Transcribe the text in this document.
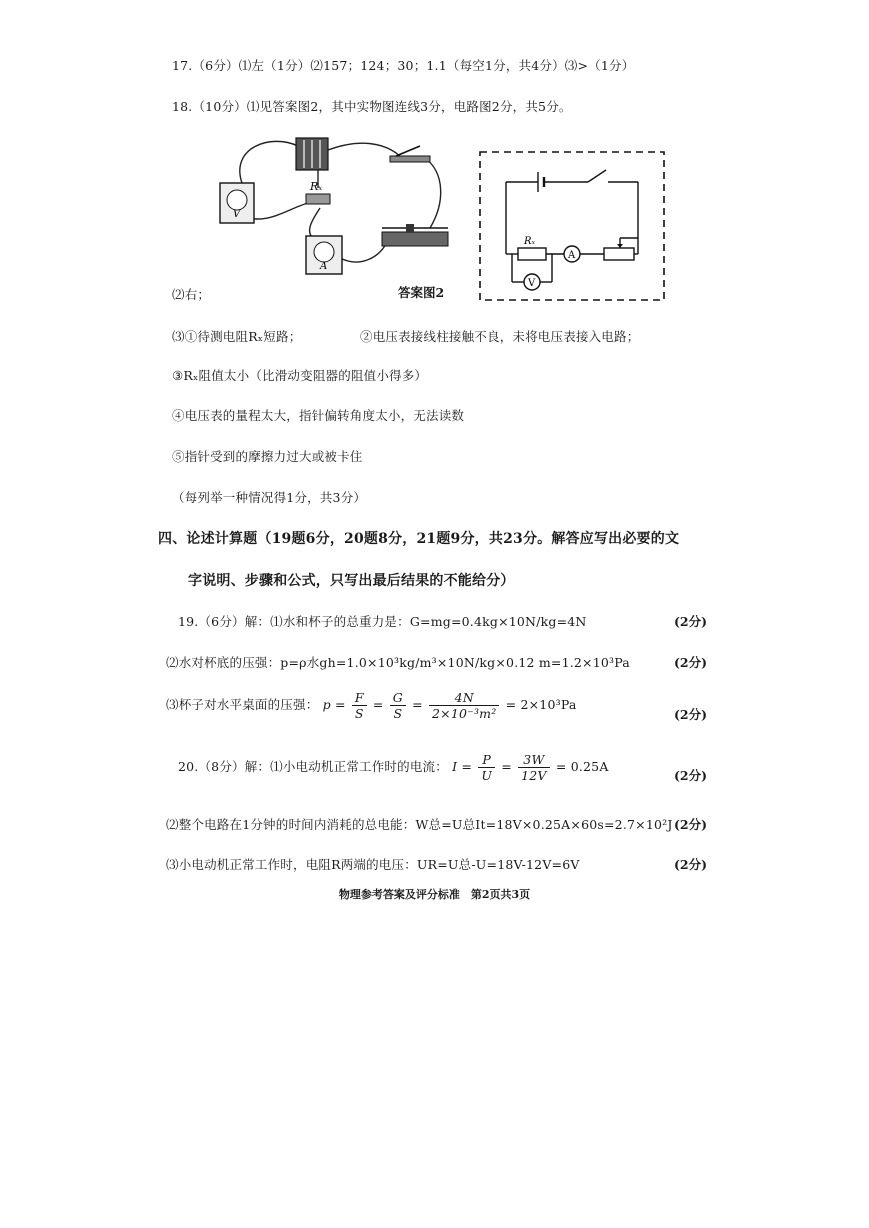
17.（6分）⑴左（1分）⑵157；124；30；1.1（每空1分，共4分）⑶>（1分）
18.（10分）⑴见答案图2，其中实物图连线3分，电路图2分，共5分。
Rₓ
V
A
⑵右；	答案图2
Rₓ
A
V
⑶①待测电阻Rₓ短路；	②电压表接线柱接触不良，未将电压表接入电路；
③Rₓ阻值太小（比滑动变阻器的阻值小得多）
④电压表的量程太大，指针偏转角度太小，无法读数
⑤指针受到的摩擦力过大或被卡住
（每列举一种情况得1分，共3分）
四、论述计算题（19题6分，20题8分，21题9分，共23分。解答应写出必要的文
字说明、步骤和公式，只写出最后结果的不能给分）
19.（6分）解：⑴水和杯子的总重力是：G=mg=0.4kg×10N/kg=4N	(2分)
⑵水对杯底的压强：p=ρ水gh=1.0×10³kg/m³×10N/kg×0.12 m=1.2×10³Pa	(2分)
⑶杯子对水平桌面的压强： $p = \frac{F}{S} = \frac{G}{S} = \frac{4N}{\text{2×10⁻³m²}} = 2\times 10^3Pa$
(2分)
20.（8分）解：⑴小电动机正常工作时的电流： $I = \frac{P}{U} = \frac{3W}{12V} = 0.25A$
(2分)
⑵整个电路在1分钟的时间内消耗的总电能：W总=U总It=18V×0.25A×60s=2.7×10²J (2分)
⑶小电动机正常工作时，电阻R两端的电压：UR=U总-U=18V-12V=6V	(2分)
物理参考答案及评分标准　第2页共3页
